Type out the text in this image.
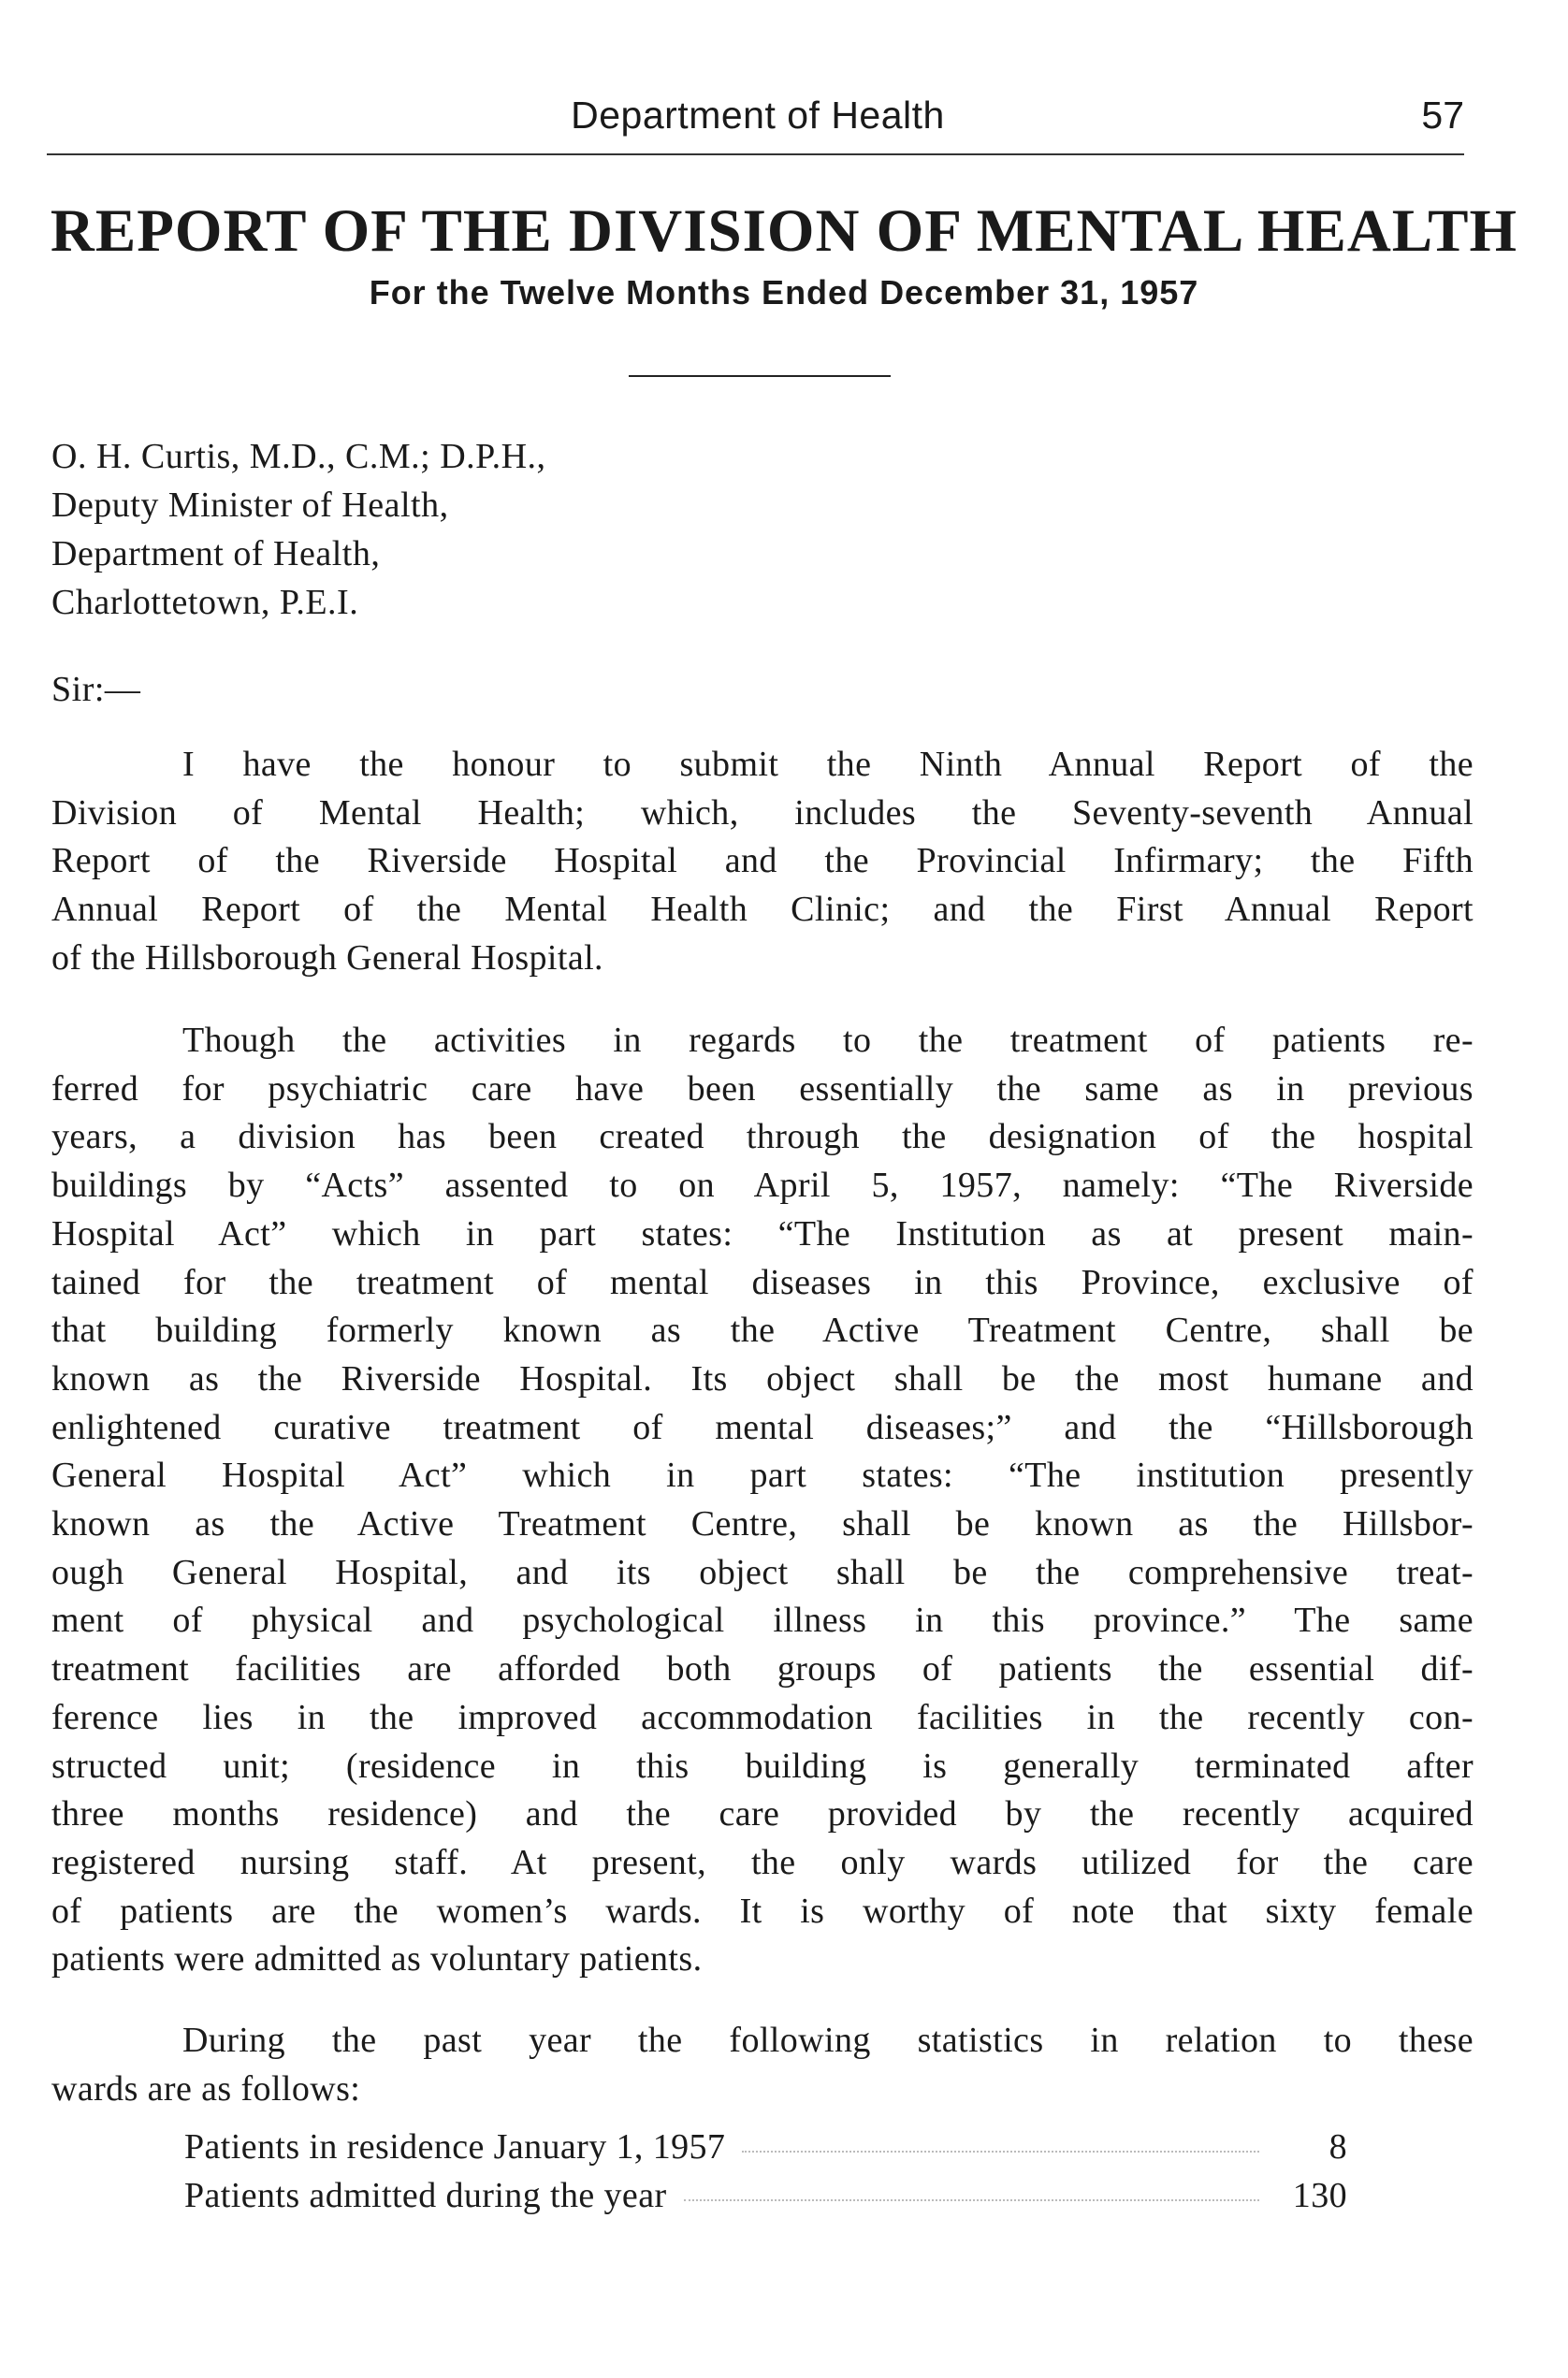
Department of Health	57
REPORT OF THE DIVISION OF MENTAL HEALTH
For the Twelve Months Ended December 31, 1957
O. H. Curtis, M.D., C.M.; D.P.H.,
Deputy Minister of Health,
Department of Health,
Charlottetown, P.E.I.
Sir:—
I have the honour to submit the Ninth Annual Report of the
Division of Mental Health; which, includes the Seventy-seventh Annual
Report of the Riverside Hospital and the Provincial Infirmary; the Fifth
Annual Report of the Mental Health Clinic; and the First Annual Report
of the Hillsborough General Hospital.
Though the activities in regards to the treatment of patients re-
ferred for psychiatric care have been essentially the same as in previous
years, a division has been created through the designation of the hospital
buildings by “Acts” assented to on April 5, 1957, namely: “The Riverside
Hospital Act” which in part states: “The Institution as at present main-
tained for the treatment of mental diseases in this Province, exclusive of
that building formerly known as the Active Treatment Centre, shall be
known as the Riverside Hospital. Its object shall be the most humane and
enlightened curative treatment of mental diseases;” and the “Hillsborough
General Hospital Act” which in part states: “The institution presently
known as the Active Treatment Centre, shall be known as the Hillsbor-
ough General Hospital, and its object shall be the comprehensive treat-
ment of physical and psychological illness in this province.” The same
treatment facilities are afforded both groups of patients the essential dif-
ference lies in the improved accommodation facilities in the recently con-
structed unit; (residence in this building is generally terminated after
three months residence) and the care provided by the recently acquired
registered nursing staff. At present, the only wards utilized for the care
of patients are the women’s wards. It is worthy of note that sixty female
patients were admitted as voluntary patients.
During the past year the following statistics in relation to these
wards are as follows:
Patients in residence January 1, 1957	8
Patients admitted during the year	130
